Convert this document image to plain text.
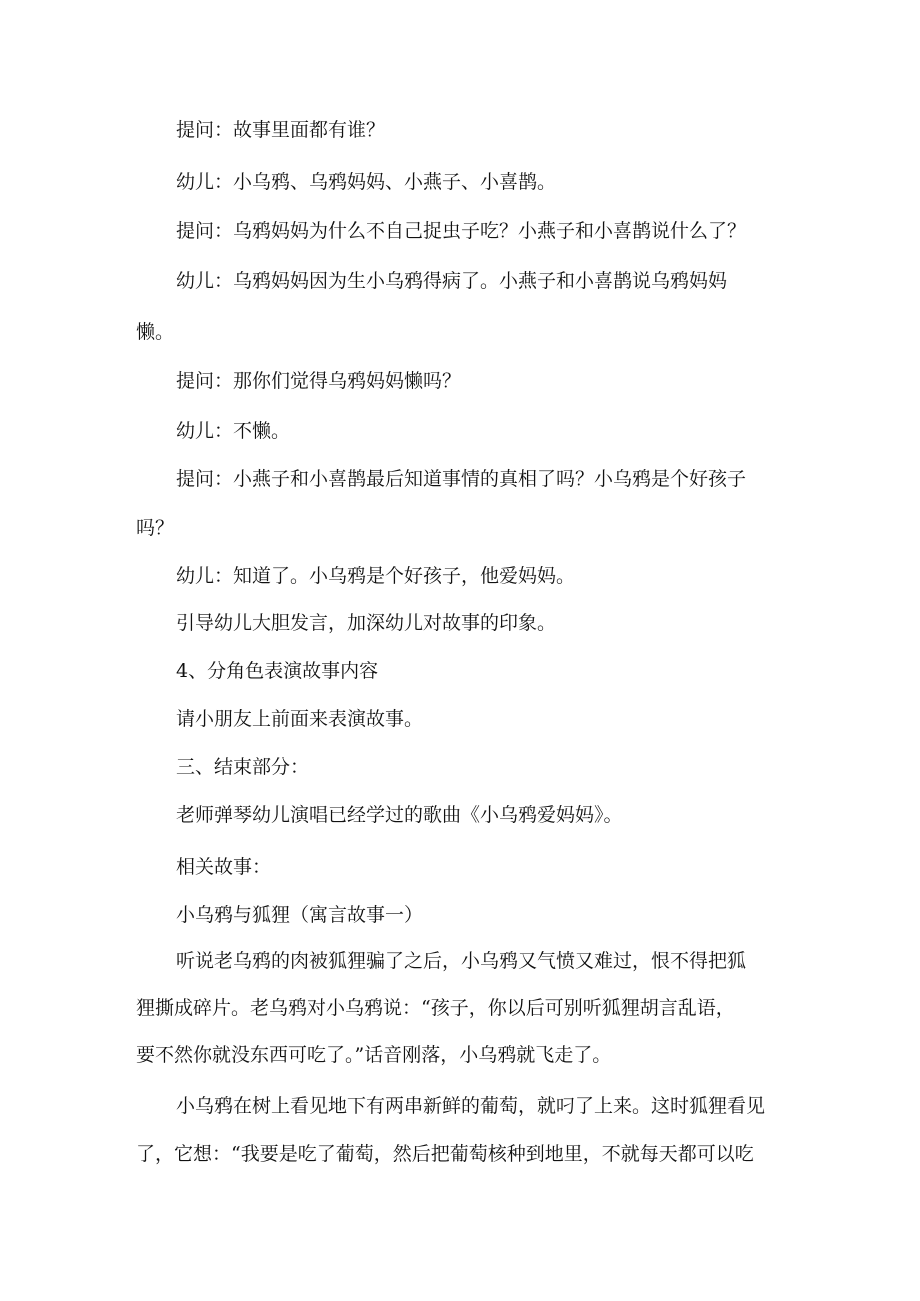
提问：故事里面都有谁？

幼儿：小乌鸦、乌鸦妈妈、小燕子、小喜鹊。

提问：乌鸦妈妈为什么不自己捉虫子吃？小燕子和小喜鹊说什么了？

幼儿：乌鸦妈妈因为生小乌鸦得病了。小燕子和小喜鹊说乌鸦妈妈

懒。

提问：那你们觉得乌鸦妈妈懒吗？

幼儿：不懒。

提问：小燕子和小喜鹊最后知道事情的真相了吗？小乌鸦是个好孩子

吗？

幼儿：知道了。小乌鸦是个好孩子，他爱妈妈。

引导幼儿大胆发言，加深幼儿对故事的印象。

4、分角色表演故事内容

请小朋友上前面来表演故事。

三、结束部分：

老师弹琴幼儿演唱已经学过的歌曲《小乌鸦爱妈妈》。

相关故事：

小乌鸦与狐狸（寓言故事一）

听说老乌鸦的肉被狐狸骗了之后，小乌鸦又气愤又难过，恨不得把狐

狸撕成碎片。老乌鸦对小乌鸦说：“孩子，你以后可别听狐狸胡言乱语，

要不然你就没东西可吃了。”话音刚落，小乌鸦就飞走了。

小乌鸦在树上看见地下有两串新鲜的葡萄，就叼了上来。这时狐狸看见

了，它想：“我要是吃了葡萄，然后把葡萄核种到地里，不就每天都可以吃
